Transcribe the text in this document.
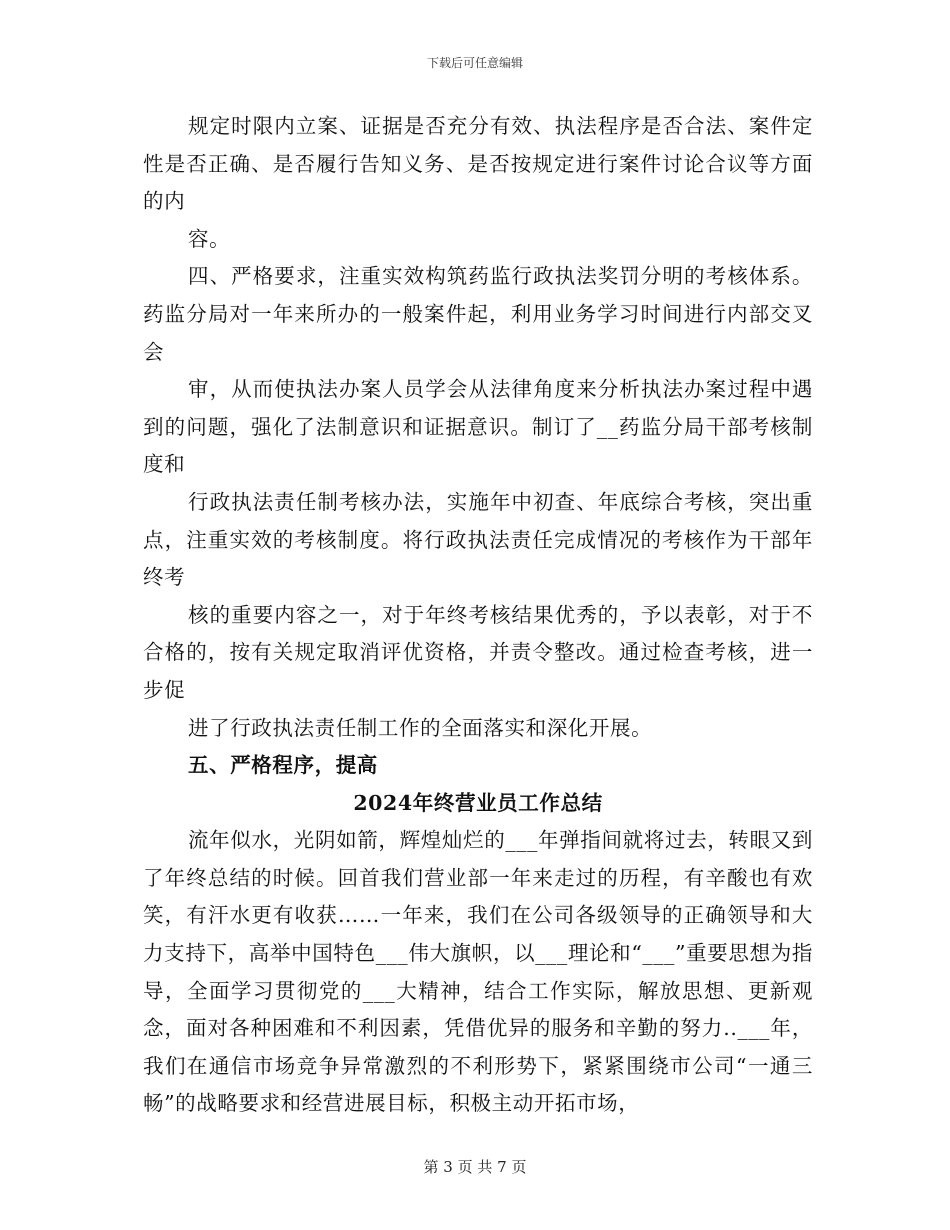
下载后可任意编辑

规定时限内立案、证据是否充分有效、执法程序是否合法、案件定性是否正确、是否履行告知义务、是否按规定进行案件讨论合议等方面的内

容。

四、严格要求，注重实效构筑药监行政执法奖罚分明的考核体系。药监分局对一年来所办的一般案件起，利用业务学习时间进行内部交叉会

审，从而使执法办案人员学会从法律角度来分析执法办案过程中遇到的问题，强化了法制意识和证据意识。制订了__药监分局干部考核制度和

行政执法责任制考核办法，实施年中初查、年底综合考核，突出重点，注重实效的考核制度。将行政执法责任完成情况的考核作为干部年终考

核的重要内容之一，对于年终考核结果优秀的，予以表彰，对于不合格的，按有关规定取消评优资格，并责令整改。通过检查考核，进一步促

进了行政执法责任制工作的全面落实和深化开展。

五、严格程序，提高

2024年终营业员工作总结

流年似水，光阴如箭，辉煌灿烂的___年弹指间就将过去，转眼又到了年终总结的时候。回首我们营业部一年来走过的历程，有辛酸也有欢笑，有汗水更有收获……一年来，我们在公司各级领导的正确领导和大力支持下，高举中国特色___伟大旗帜，以___理论和“___”重要思想为指导，全面学习贯彻党的___大精神，结合工作实际，解放思想、更新观念，面对各种困难和不利因素，凭借优异的服务和辛勤的努力..___年，我们在通信市场竞争异常激烈的不利形势下，紧紧围绕市公司“一通三畅”的战略要求和经营进展目标，积极主动开拓市场，

第 3 页 共 7 页
